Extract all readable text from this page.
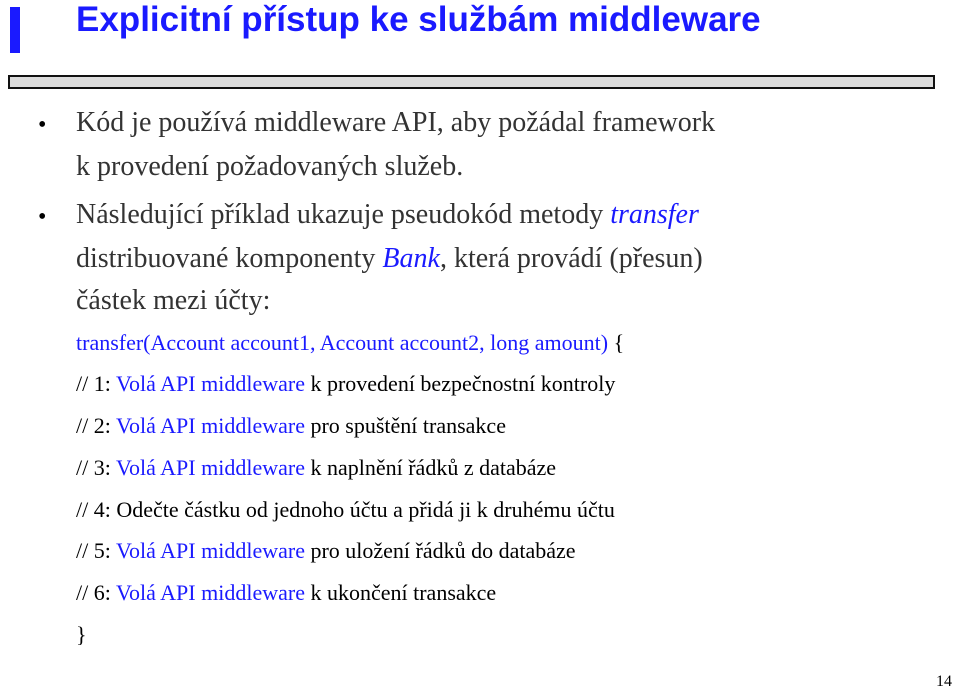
Explicitní přístup ke službám middleware
• Kód je používá middleware API, aby požádal framework
k provedení požadovaných služeb.
• Následující příklad ukazuje pseudokód metody transfer
distribuované komponenty Bank, která provádí (přesun)
částek mezi účty:
transfer(Account account1, Account account2, long amount) {
// 1: Volá API middleware k provedení bezpečnostní kontroly
// 2: Volá API middleware pro spuštění transakce
// 3: Volá API middleware k naplnění řádků z databáze
// 4: Odečte částku od jednoho účtu a přidá ji k druhému účtu
// 5: Volá API middleware pro uložení řádků do databáze
// 6: Volá API middleware k ukončení transakce
}
14
